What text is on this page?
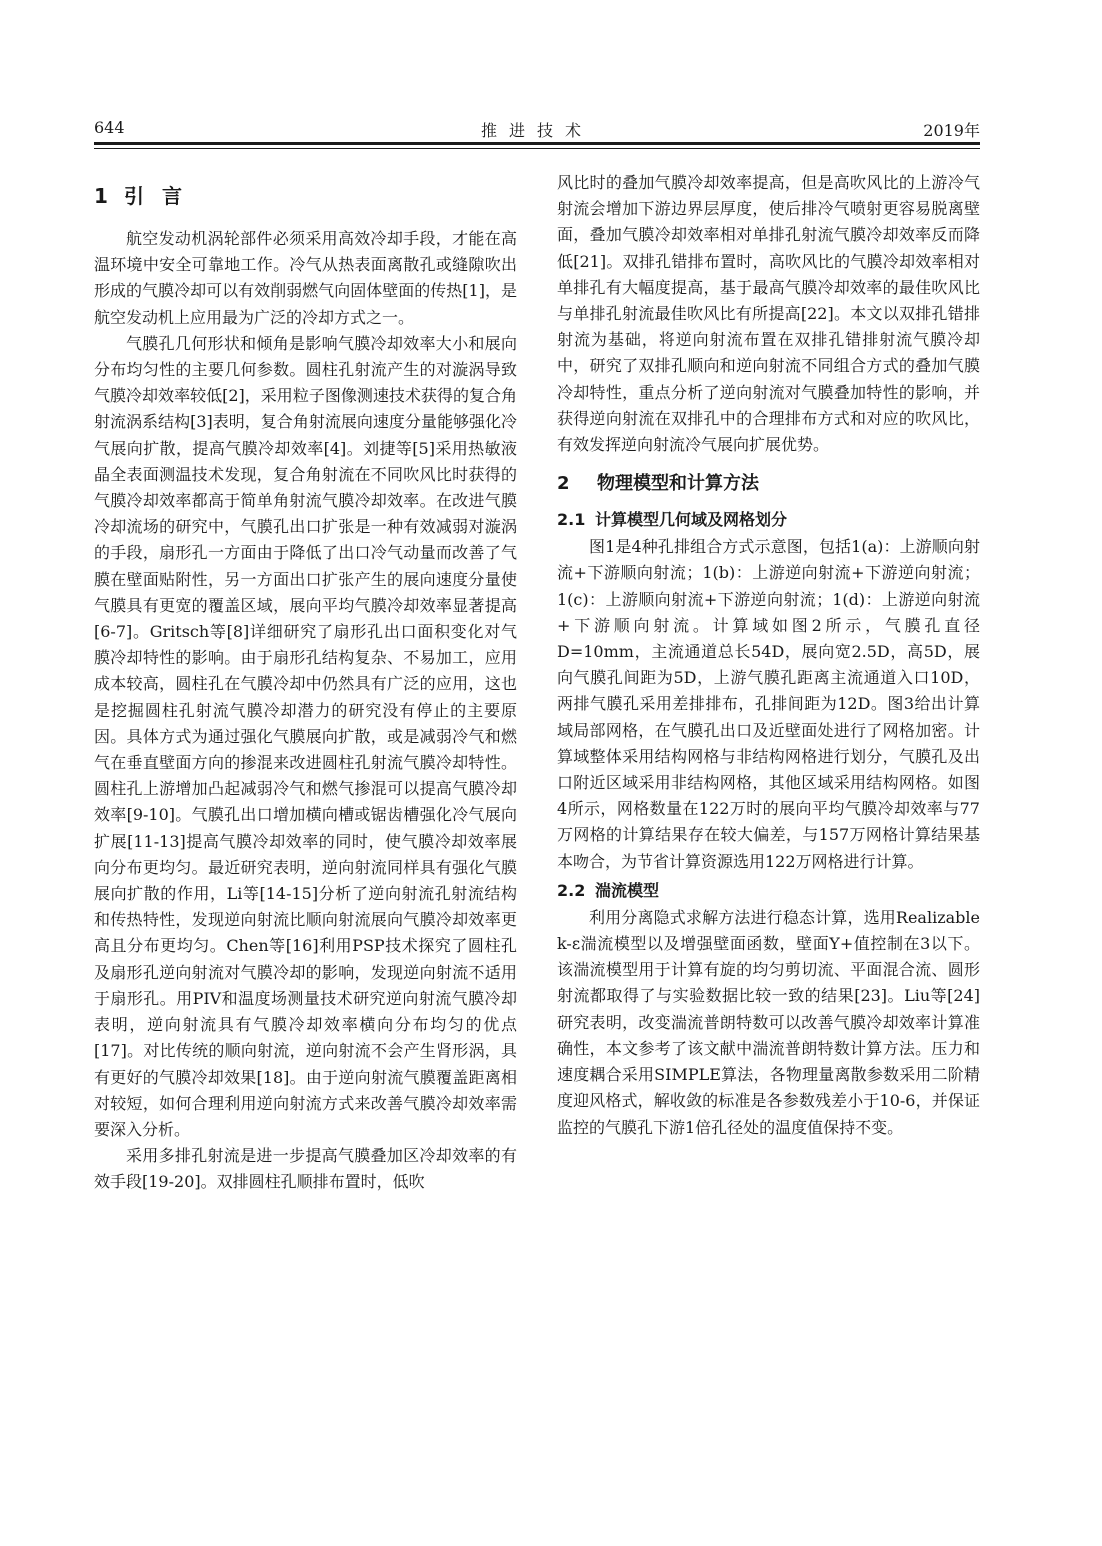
644	推进技术	2019年
1 引言

航空发动机涡轮部件必须采用高效冷却手段，才能在高温环境中安全可靠地工作。冷气从热表面离散孔或缝隙吹出形成的气膜冷却可以有效削弱燃气向固体壁面的传热[1]，是航空发动机上应用最为广泛的冷却方式之一。

气膜孔几何形状和倾角是影响气膜冷却效率大小和展向分布均匀性的主要几何参数。圆柱孔射流产生的对漩涡导致气膜冷却效率较低[2]，采用粒子图像测速技术获得的复合角射流涡系结构[3]表明，复合角射流展向速度分量能够强化冷气展向扩散，提高气膜冷却效率[4]。刘捷等[5]采用热敏液晶全表面测温技术发现，复合角射流在不同吹风比时获得的气膜冷却效率都高于简单角射流气膜冷却效率。在改进气膜冷却流场的研究中，气膜孔出口扩张是一种有效减弱对漩涡的手段，扇形孔一方面由于降低了出口冷气动量而改善了气膜在壁面贴附性，另一方面出口扩张产生的展向速度分量使气膜具有更宽的覆盖区域，展向平均气膜冷却效率显著提高[6-7]。Gritsch等[8]详细研究了扇形孔出口面积变化对气膜冷却特性的影响。由于扇形孔结构复杂、不易加工，应用成本较高，圆柱孔在气膜冷却中仍然具有广泛的应用，这也是挖掘圆柱孔射流气膜冷却潜力的研究没有停止的主要原因。具体方式为通过强化气膜展向扩散，或是减弱冷气和燃气在垂直壁面方向的掺混来改进圆柱孔射流气膜冷却特性。圆柱孔上游增加凸起减弱冷气和燃气掺混可以提高气膜冷却效率[9-10]。气膜孔出口增加横向槽或锯齿槽强化冷气展向扩展[11-13]提高气膜冷却效率的同时，使气膜冷却效率展向分布更均匀。最近研究表明，逆向射流同样具有强化气膜展向扩散的作用，Li等[14-15]分析了逆向射流孔射流结构和传热特性，发现逆向射流比顺向射流展向气膜冷却效率更高且分布更均匀。Chen等[16]利用PSP技术探究了圆柱孔及扇形孔逆向射流对气膜冷却的影响，发现逆向射流不适用于扇形孔。用PIV和温度场测量技术研究逆向射流气膜冷却表明，逆向射流具有气膜冷却效率横向分布均匀的优点[17]。对比传统的顺向射流，逆向射流不会产生肾形涡，具有更好的气膜冷却效果[18]。由于逆向射流气膜覆盖距离相对较短，如何合理利用逆向射流方式来改善气膜冷却效率需要深入分析。

采用多排孔射流是进一步提高气膜叠加区冷却效率的有效手段[19-20]。双排圆柱孔顺排布置时，低吹

风比时的叠加气膜冷却效率提高，但是高吹风比的上游冷气射流会增加下游边界层厚度，使后排冷气喷射更容易脱离壁面，叠加气膜冷却效率相对单排孔射流气膜冷却效率反而降低[21]。双排孔错排布置时，高吹风比的气膜冷却效率相对单排孔有大幅度提高，基于最高气膜冷却效率的最佳吹风比与单排孔射流最佳吹风比有所提高[22]。本文以双排孔错排射流为基础，将逆向射流布置在双排孔错排射流气膜冷却中，研究了双排孔顺向和逆向射流不同组合方式的叠加气膜冷却特性，重点分析了逆向射流对气膜叠加特性的影响，并获得逆向射流在双排孔中的合理排布方式和对应的吹风比，有效发挥逆向射流冷气展向扩展优势。

2 物理模型和计算方法
2.1 计算模型几何域及网格划分

图1是4种孔排组合方式示意图，包括1(a)：上游顺向射流+下游顺向射流；1(b)：上游逆向射流+下游逆向射流；1(c)：上游顺向射流+下游逆向射流；1(d)：上游逆向射流+下游顺向射流。计算域如图2所示，气膜孔直径D=10mm，主流通道总长54D，展向宽2.5D，高5D，展向气膜孔间距为5D，上游气膜孔距离主流通道入口10D，两排气膜孔采用差排排布，孔排间距为12D。图3给出计算域局部网格，在气膜孔出口及近壁面处进行了网格加密。计算域整体采用结构网格与非结构网格进行划分，气膜孔及出口附近区域采用非结构网格，其他区域采用结构网格。如图4所示，网格数量在122万时的展向平均气膜冷却效率与77万网格的计算结果存在较大偏差，与157万网格计算结果基本吻合，为节省计算资源选用122万网格进行计算。

2.2 湍流模型

利用分离隐式求解方法进行稳态计算，选用Realizable k-ε湍流模型以及增强壁面函数，壁面Y+值控制在3以下。该湍流模型用于计算有旋的均匀剪切流、平面混合流、圆形射流都取得了与实验数据比较一致的结果[23]。Liu等[24]研究表明，改变湍流普朗特数可以改善气膜冷却效率计算准确性，本文参考了该文献中湍流普朗特数计算方法。压力和速度耦合采用SIMPLE算法，各物理量离散参数采用二阶精度迎风格式，解收敛的标准是各参数残差小于10-6，并保证监控的气膜孔下游1倍孔径处的温度值保持不变。
